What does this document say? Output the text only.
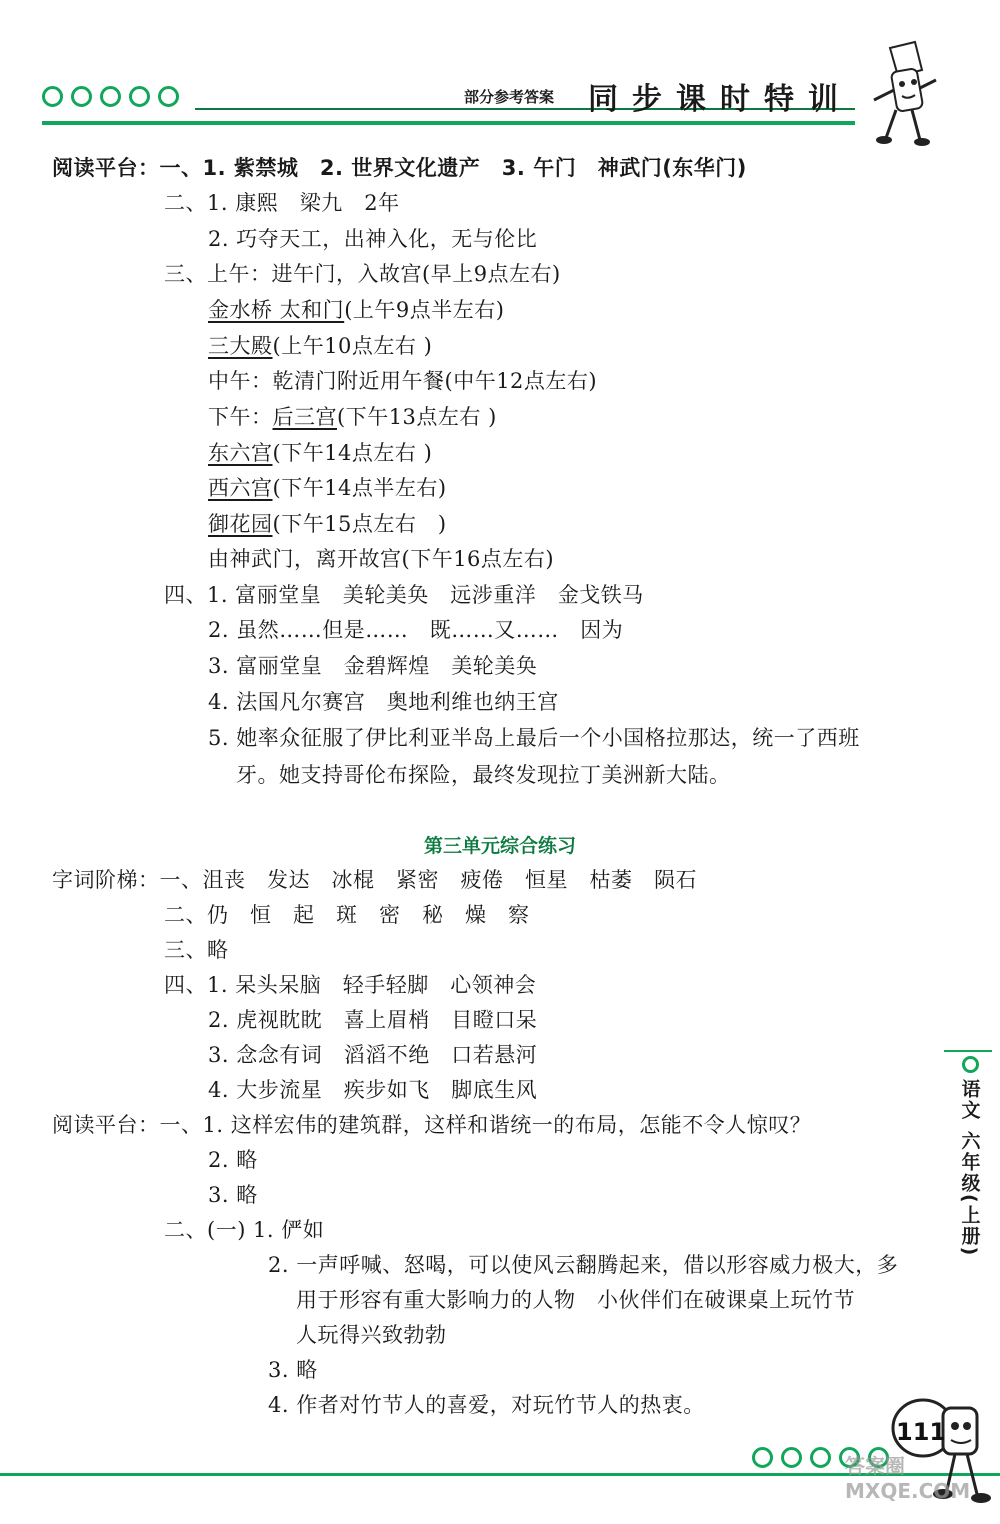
部分参考答案 同步课时特训
阅读平台：一、1. 紫禁城　2. 世界文化遗产　3. 午门　神武门(东华门)
二、1. 康熙　梁九　2年
2. 巧夺天工，出神入化，无与伦比
三、上午：进午门，入故宫(早上9点左右)
金水桥 太和门(上午9点半左右)
三大殿(上午10点左右 )
中午：乾清门附近用午餐(中午12点左右)
下午：后三宫(下午13点左右 )
东六宫(下午14点左右 )
西六宫(下午14点半左右)
御花园(下午15点左右　)
由神武门，离开故宫(下午16点左右)
四、1. 富丽堂皇　美轮美奂　远涉重洋　金戈铁马
2. 虽然……但是……　既……又……　因为
3. 富丽堂皇　金碧辉煌　美轮美奂
4. 法国凡尔赛宫　奥地利维也纳王宫
5. 她率众征服了伊比利亚半岛上最后一个小国格拉那达，统一了西班
牙。她支持哥伦布探险，最终发现拉丁美洲新大陆。
第三单元综合练习
字词阶梯：一、沮丧　发达　冰棍　紧密　疲倦　恒星　枯萎　陨石
二、仍　恒　起　斑　密　秘　燥　察
三、略
四、1. 呆头呆脑　轻手轻脚　心领神会
2. 虎视眈眈　喜上眉梢　目瞪口呆
3. 念念有词　滔滔不绝　口若悬河
4. 大步流星　疾步如飞　脚底生风
阅读平台：一、1. 这样宏伟的建筑群，这样和谐统一的布局，怎能不令人惊叹？
2. 略
3. 略
二、(一) 1. 俨如
2. 一声呼喊、怒喝，可以使风云翻腾起来，借以形容威力极大，多
用于形容有重大影响力的人物　小伙伴们在破课桌上玩竹节
人玩得兴致勃勃
3. 略
4. 作者对竹节人的喜爱，对玩竹节人的热衷。
语文
六年级(上册)
111
答案圈 MXQE.COM
